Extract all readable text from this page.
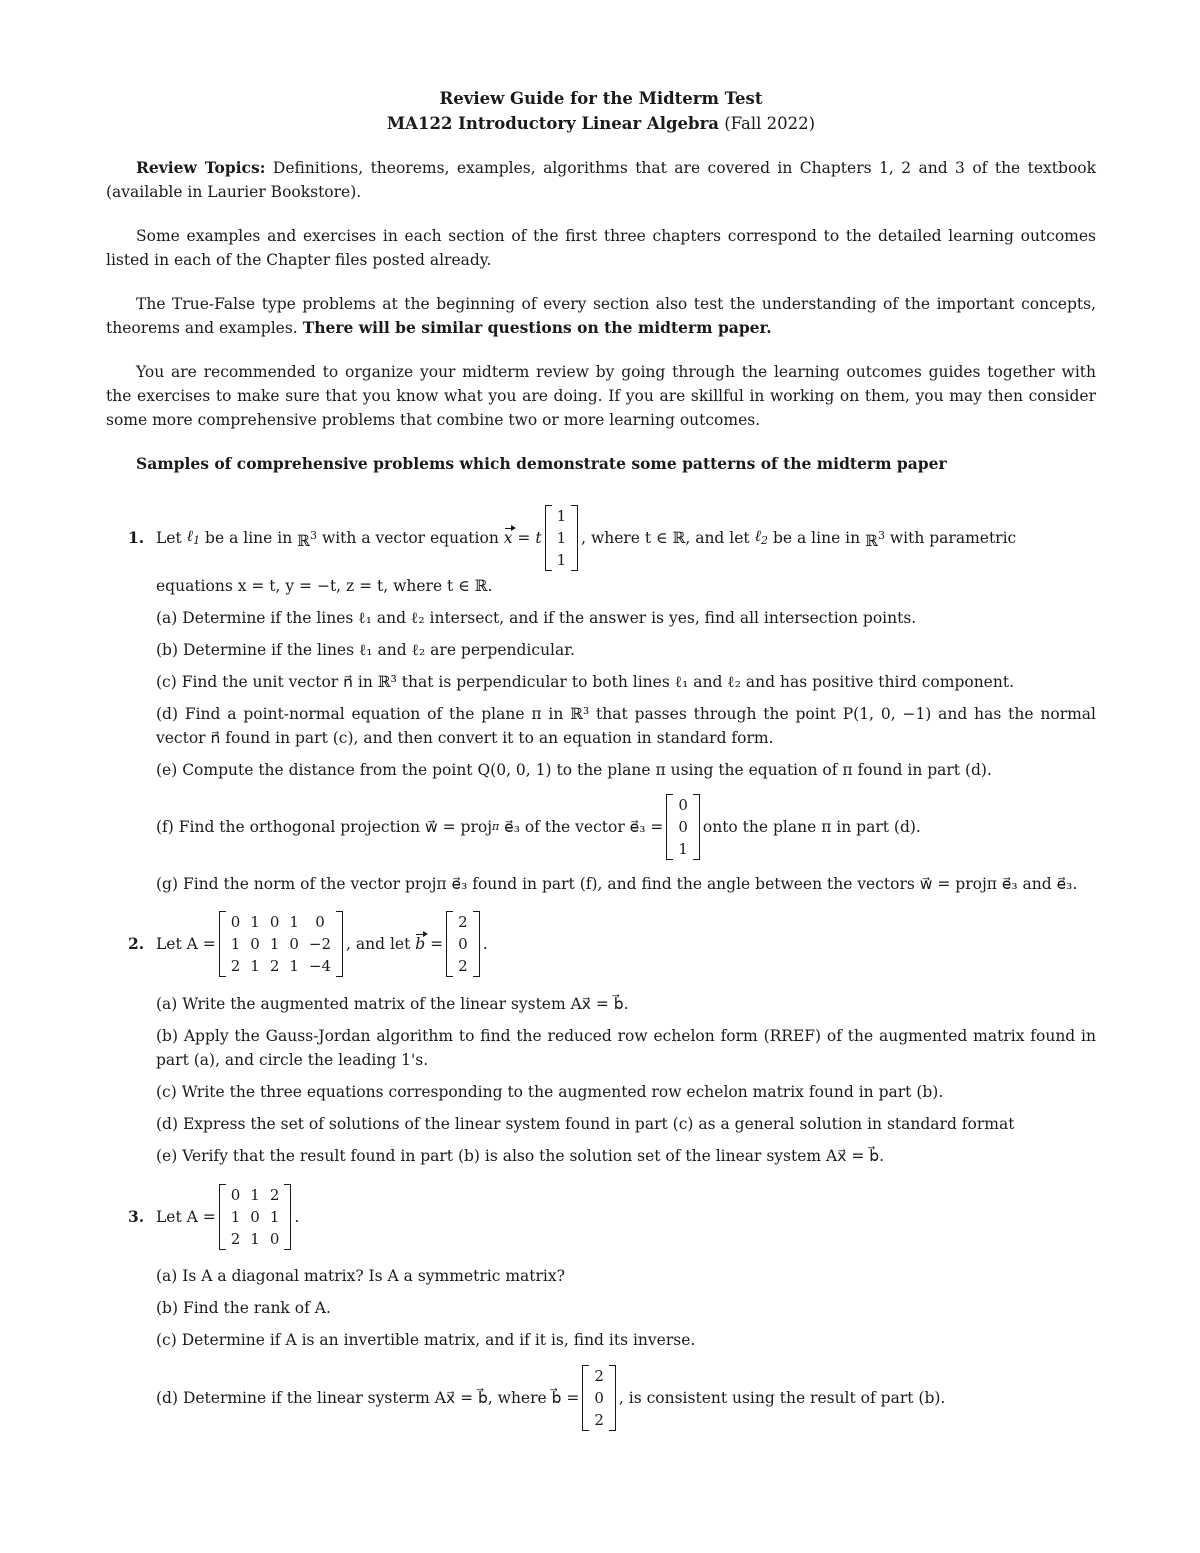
Review Guide for the Midterm Test
MA122 Introductory Linear Algebra (Fall 2022)

Review Topics: Definitions, theorems, examples, algorithms that are covered in Chapters 1, 2 and 3 of the textbook (available in Laurier Bookstore).

Some examples and exercises in each section of the first three chapters correspond to the detailed learning outcomes listed in each of the Chapter files posted already.

The True-False type problems at the beginning of every section also test the understanding of the important concepts, theorems and examples. There will be similar questions on the midterm paper.

You are recommended to organize your midterm review by going through the learning outcomes guides together with the exercises to make sure that you know what you are doing. If you are skillful in working on them, you may then consider some more comprehensive problems that combine two or more learning outcomes.

Samples of comprehensive problems which demonstrate some patterns of the midterm paper

1. Let
ℓ$_1$
be a line in
ℝ$^3$
with a vector equation
x = t
1
1
1
, where t ∈ ℝ, and let
ℓ$_2$
be a line in
ℝ$^3$
with parametric

equations x = t, y = −t, z = t, where t ∈ ℝ.

(a) Determine if the lines ℓ₁ and ℓ₂ intersect, and if the answer is yes, find all intersection points.

(b) Determine if the lines ℓ₁ and ℓ₂ are perpendicular.

(c) Find the unit vector n⃗ in ℝ³ that is perpendicular to both lines ℓ₁ and ℓ₂ and has positive third component.

(d) Find a point-normal equation of the plane π in ℝ³ that passes through the point P(1, 0, −1) and has the normal vector n⃗ found in part (c), and then convert it to an equation in standard form.

(e) Compute the distance from the point Q(0, 0, 1) to the plane π using the equation of π found in part (d).

(f) Find the orthogonal projection w⃗ = proj π
e⃗₃ of the vector e⃗₃ =
0
0
1
onto the plane π in part (d).

(g) Find the norm of the vector projπ e⃗₃ found in part (f), and find the angle between the vectors w⃗ = projπ e⃗₃ and e⃗₃.

2. Let A =
0	1	0	1	0
1	0	1	0	−2
2	1	2	1	−4
, and let
b
=
2
0
2
.

(a) Write the augmented matrix of the linear system Ax⃗ = b⃗.

(b) Apply the Gauss-Jordan algorithm to find the reduced row echelon form (RREF) of the augmented matrix found in part (a), and circle the leading 1's.

(c) Write the three equations corresponding to the augmented row echelon matrix found in part (b).

(d) Express the set of solutions of the linear system found in part (c) as a general solution in standard format

(e) Verify that the result found in part (b) is also the solution set of the linear system Ax⃗ = b⃗.

3. Let A =
0	1	2
1	0	1
2	1	0
.

(a) Is A a diagonal matrix? Is A a symmetric matrix?

(b) Find the rank of A.

(c) Determine if A is an invertible matrix, and if it is, find its inverse.

(d) Determine if the linear systerm Ax⃗ = b⃗, where b⃗ =
2
0
2
, is consistent using the result of part (b).
